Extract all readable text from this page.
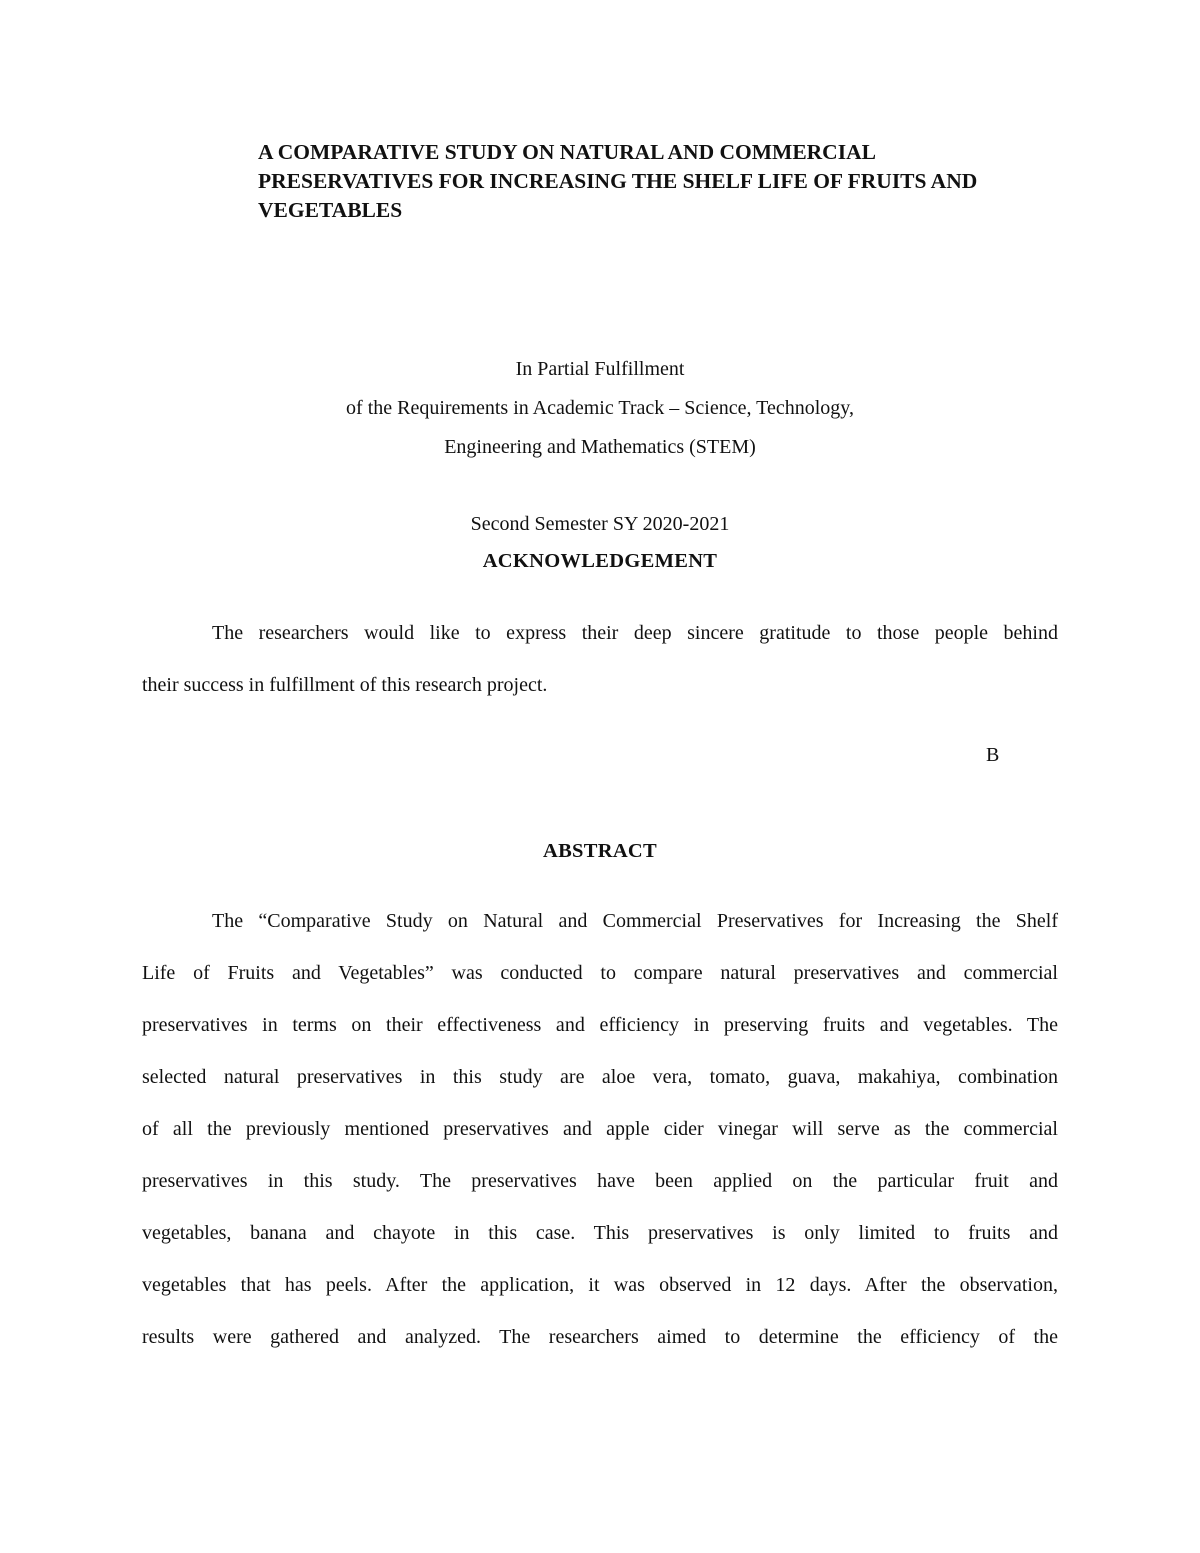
A COMPARATIVE STUDY ON NATURAL AND COMMERCIAL
PRESERVATIVES FOR INCREASING THE SHELF LIFE OF FRUITS AND
VEGETABLES
In Partial Fulfillment
of the Requirements in Academic Track – Science, Technology,
Engineering and Mathematics (STEM)
Second Semester SY 2020-2021
ACKNOWLEDGEMENT
The researchers would like to express their deep sincere gratitude to those people behind
their success in fulfillment of this research project.
B
ABSTRACT
The “Comparative Study on Natural and Commercial Preservatives for Increasing the Shelf
Life of Fruits and Vegetables” was conducted to compare natural preservatives and commercial
preservatives in terms on their effectiveness and efficiency in preserving fruits and vegetables. The
selected natural preservatives in this study are aloe vera, tomato, guava, makahiya, combination
of all the previously mentioned preservatives and apple cider vinegar will serve as the commercial
preservatives in this study. The preservatives have been applied on the particular fruit and
vegetables, banana and chayote in this case. This preservatives is only limited to fruits and
vegetables that has peels. After the application, it was observed in 12 days. After the observation,
results were gathered and analyzed. The researchers aimed to determine the efficiency of the
